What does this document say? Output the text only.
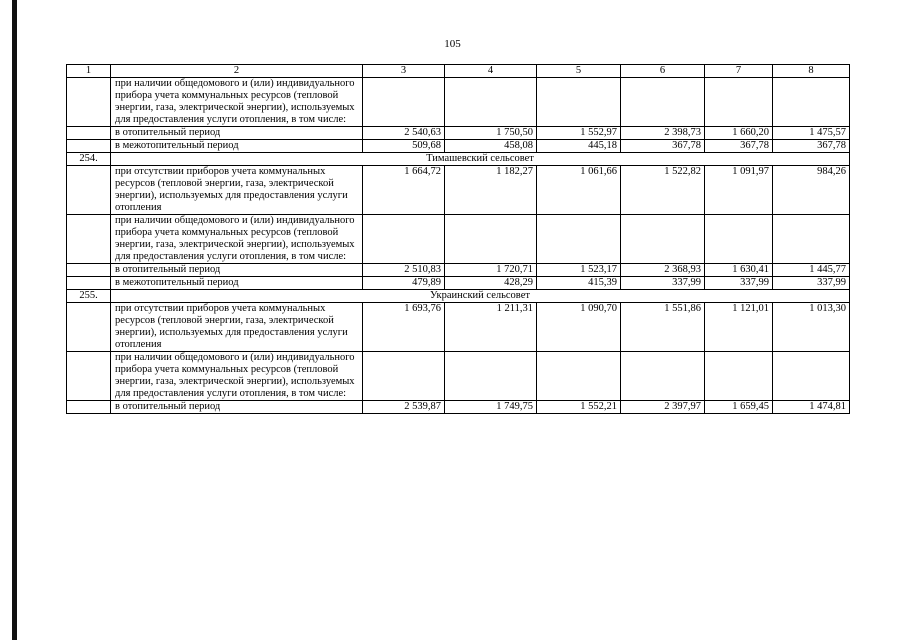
105
1	2	3	4	5	6	7	8
	при наличии общедомового и (или) индивидуального прибора учета коммунальных ресурсов (тепловой энергии, газа, электрической энергии), используемых для предоставления услуги отопления, в том числе:						
	в отопительный период	2 540,63	1 750,50	1 552,97	2 398,73	1 660,20	1 475,57
	в межотопительный период	509,68	458,08	445,18	367,78	367,78	367,78
254.	Тимашевский сельсовет						
	при отсутствии приборов учета коммунальных ресурсов (тепловой энергии, газа, электрической энергии), используемых для предоставления услуги отопления	1 664,72	1 182,27	1 061,66	1 522,82	1 091,97	984,26
	при наличии общедомового и (или) индивидуального прибора учета коммунальных ресурсов (тепловой энергии, газа, электрической энергии), используемых для предоставления услуги отопления, в том числе:						
	в отопительный период	2 510,83	1 720,71	1 523,17	2 368,93	1 630,41	1 445,77
	в межотопительный период	479,89	428,29	415,39	337,99	337,99	337,99
255.	Украинский сельсовет						
	при отсутствии приборов учета коммунальных ресурсов (тепловой энергии, газа, электрической энергии), используемых для предоставления услуги отопления	1 693,76	1 211,31	1 090,70	1 551,86	1 121,01	1 013,30
	при наличии общедомового и (или) индивидуального прибора учета коммунальных ресурсов (тепловой энергии, газа, электрической энергии), используемых для предоставления услуги отопления, в том числе:						
	в отопительный период	2 539,87	1 749,75	1 552,21	2 397,97	1 659,45	1 474,81
